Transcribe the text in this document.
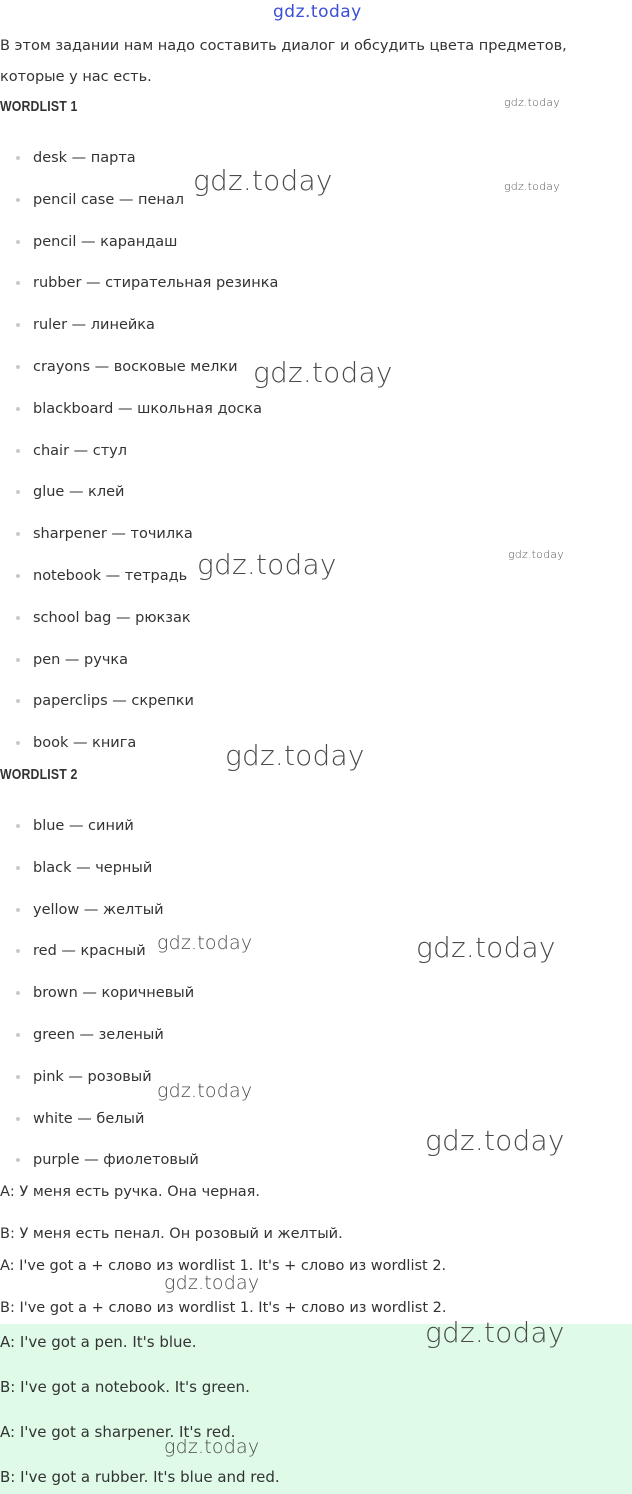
gdz.today
В этом задании нам надо составить диалог и обсудить цвета предметов, которые у нас есть.
WORDLIST 1
desk — парта
pencil case — пенал
pencil — карандаш
rubber — стирательная резинка
ruler — линейка
crayons — восковые мелки
blackboard — школьная доска
chair — стул
glue — клей
sharpener — точилка
notebook — тетрадь
school bag — рюкзак
pen — ручка
paperclips — скрепки
book — книга
WORDLIST 2
blue — синий
black — черный
yellow — желтый
red — красный
brown — коричневый
green — зеленый
pink — розовый
white — белый
purple — фиолетовый
А: У меня есть ручка. Она черная.
В: У меня есть пенал. Он розовый и желтый.
A: I've got a + слово из wordlist 1. It's + слово из wordlist 2.
B: I've got a + слово из wordlist 1. It's + слово из wordlist 2.
A: I've got a pen. It's blue.
B: I've got a notebook. It's green.
A: I've got a sharpener. It's red.
B: I've got a rubber. It's blue and red.
gdz.today
gdz.today	gdz.today
gdz.today
gdz.today
gdz.today
gdz.today
gdz.today	gdz.today
gdz.today
gdz.today
gdz.today
gdz.today
gdz.today
